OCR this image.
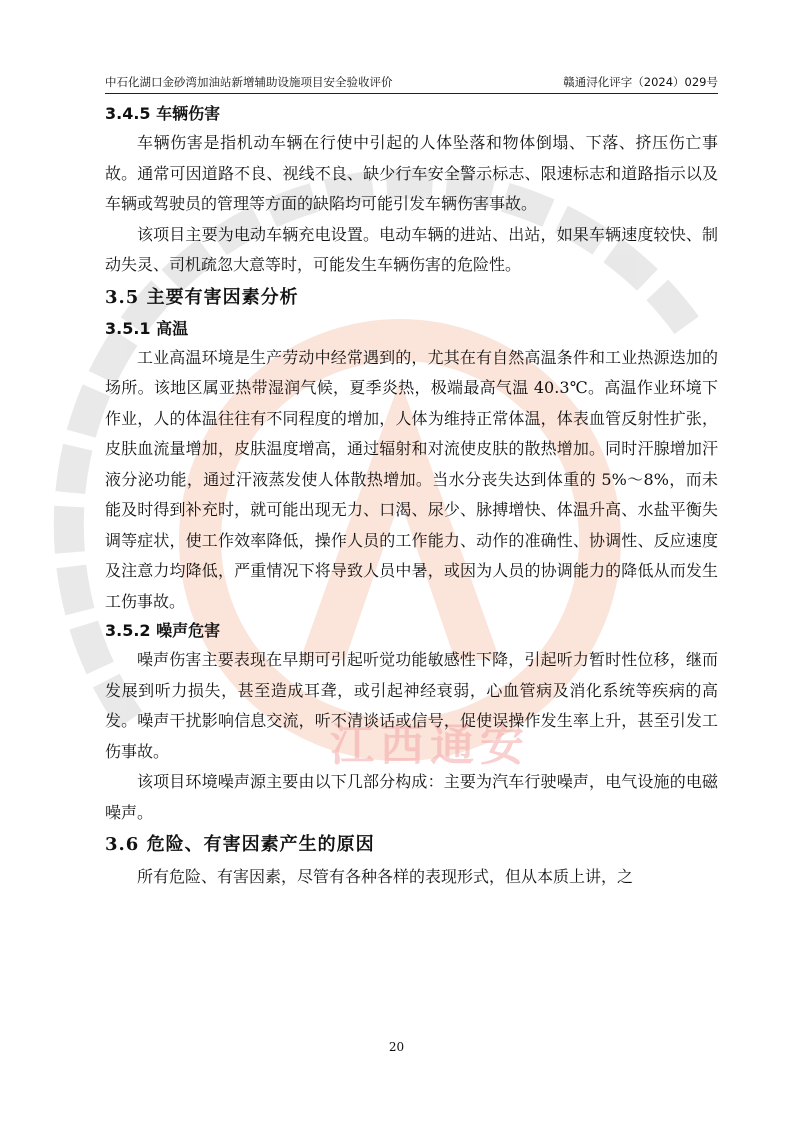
江西通安
中石化湖口金砂湾加油站新增辅助设施项目安全验收评价	赣通浔化评字（2024）029号
3.4.5 车辆伤害

车辆伤害是指机动车辆在行使中引起的人体坠落和物体倒塌、下落、挤压伤亡事故。通常可因道路不良、视线不良、缺少行车安全警示标志、限速标志和道路指示以及车辆或驾驶员的管理等方面的缺陷均可能引发车辆伤害事故。

该项目主要为电动车辆充电设置。电动车辆的进站、出站，如果车辆速度较快、制动失灵、司机疏忽大意等时，可能发生车辆伤害的危险性。

3.5 主要有害因素分析
3.5.1 高温

工业高温环境是生产劳动中经常遇到的，尤其在有自然高温条件和工业热源迭加的场所。该地区属亚热带湿润气候，夏季炎热，极端最高气温 40.3℃。高温作业环境下作业，人的体温往往有不同程度的增加，人体为维持正常体温，体表血管反射性扩张，皮肤血流量增加，皮肤温度增高，通过辐射和对流使皮肤的散热增加。同时汗腺增加汗液分泌功能，通过汗液蒸发使人体散热增加。当水分丧失达到体重的 5%～8%，而未能及时得到补充时，就可能出现无力、口渴、尿少、脉搏增快、体温升高、水盐平衡失调等症状，使工作效率降低，操作人员的工作能力、动作的准确性、协调性、反应速度及注意力均降低，严重情况下将导致人员中暑，或因为人员的协调能力的降低从而发生工伤事故。

3.5.2 噪声危害

噪声伤害主要表现在早期可引起听觉功能敏感性下降，引起听力暂时性位移，继而发展到听力损失，甚至造成耳聋，或引起神经衰弱，心血管病及消化系统等疾病的高发。噪声干扰影响信息交流，听不清谈话或信号，促使误操作发生率上升，甚至引发工伤事故。

该项目环境噪声源主要由以下几部分构成：主要为汽车行驶噪声，电气设施的电磁噪声。

3.6 危险、有害因素产生的原因

所有危险、有害因素，尽管有各种各样的表现形式，但从本质上讲，之

20
